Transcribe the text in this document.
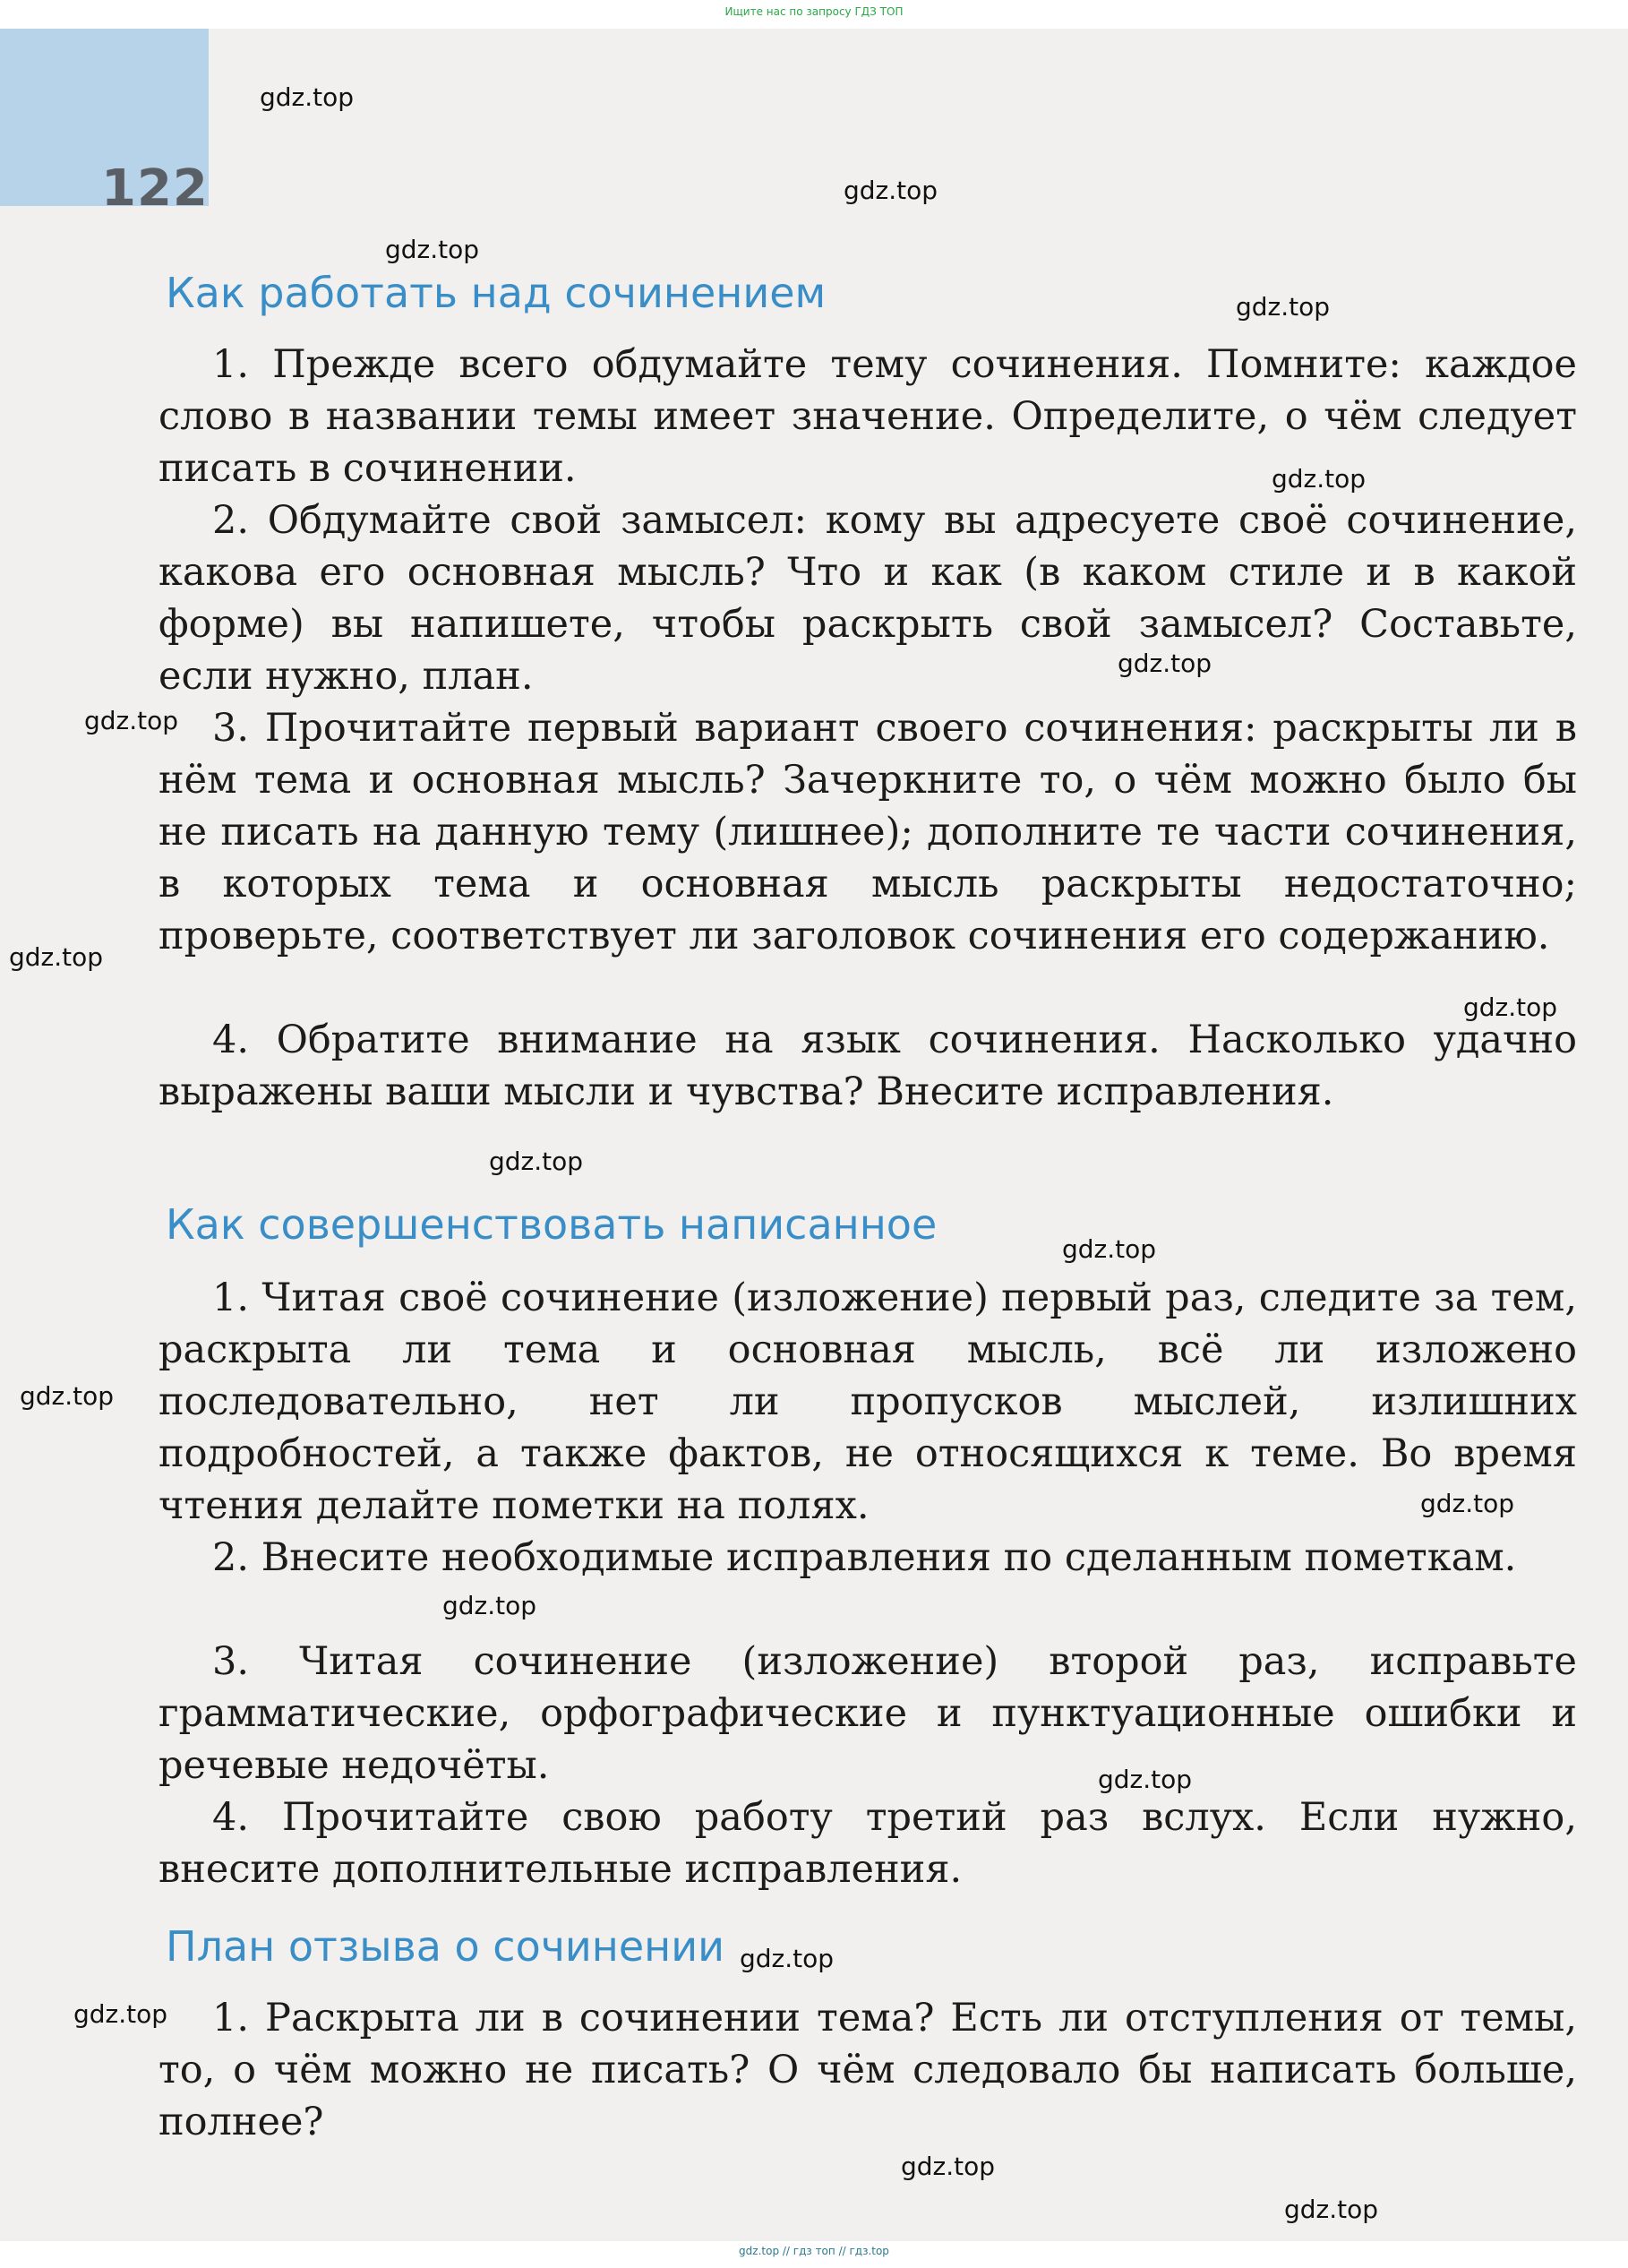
Ищите нас по запросу ГДЗ ТОП
122
Как работать над сочинением
1. Прежде всего обдумайте тему сочинения. Помните: каждое слово в названии темы имеет значение. Определите, о чём следует писать в сочинении.
2. Обдумайте свой замысел: кому вы адресуете своё сочинение, какова его основная мысль? Что и как (в каком стиле и в какой форме) вы напишете, чтобы раскрыть свой замысел? Составьте, если нужно, план.
3. Прочитайте первый вариант своего сочинения: раскрыты ли в нём тема и основная мысль? Зачеркните то, о чём можно было бы не писать на данную тему (лишнее); дополните те части сочинения, в которых тема и основная мысль раскрыты недостаточно; проверьте, соответствует ли заголовок сочинения его содержанию.
4. Обратите внимание на язык сочинения. Насколько удачно выражены ваши мысли и чувства? Внесите исправления.
Как совершенствовать написанное
1. Читая своё сочинение (изложение) первый раз, следите за тем, раскрыта ли тема и основная мысль, всё ли изложено последовательно, нет ли пропусков мыслей, излишних подробностей, а также фактов, не относящихся к теме. Во время чтения делайте пометки на полях.
2. Внесите необходимые исправления по сделанным пометкам.
3. Читая сочинение (изложение) второй раз, исправьте грамматические, орфографические и пунктуационные ошибки и речевые недочёты.
4. Прочитайте свою работу третий раз вслух. Если нужно, внесите дополнительные исправления.
План отзыва о сочинении
1. Раскрыта ли в сочинении тема? Есть ли отступления от темы, то, о чём можно не писать? О чём следовало бы написать больше, полнее?
gdz.top
gdz.top
gdz.top
gdz.top
gdz.top
gdz.top
gdz.top
gdz.top
gdz.top
gdz.top
gdz.top
gdz.top
gdz.top
gdz.top
gdz.top
gdz.top
gdz.top
gdz.top
gdz.top
gdz.top // гдз топ // гдз.top
